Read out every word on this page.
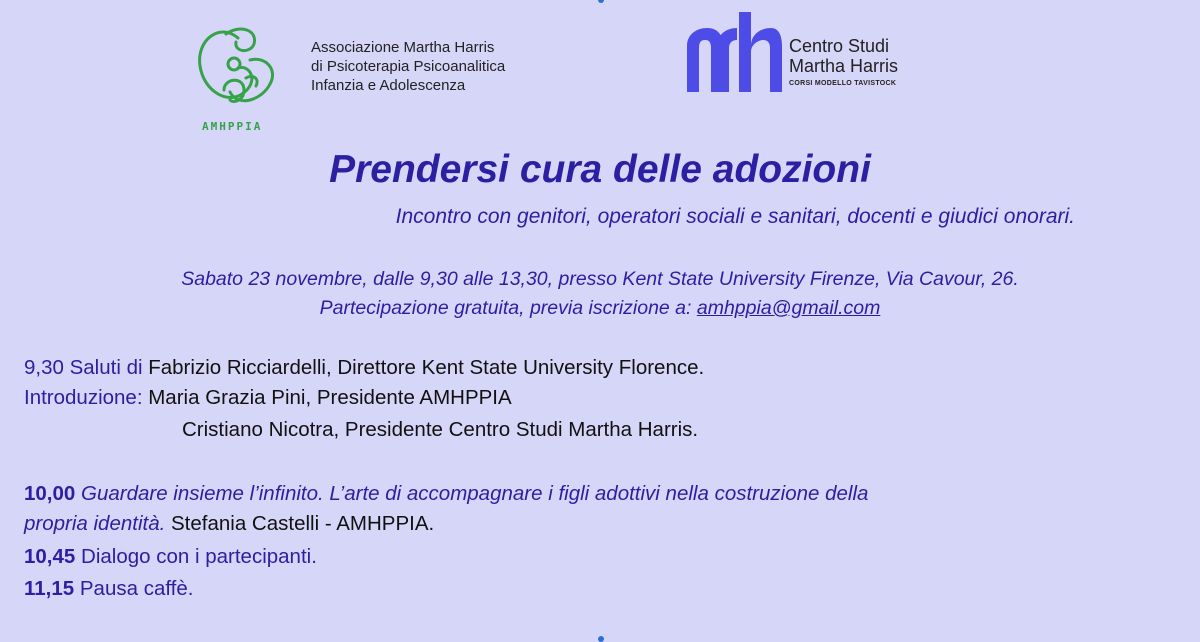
AMHPPIA
Associazione Martha Harris
di Psicoterapia Psicoanalitica
Infanzia e Adolescenza
Centro Studi
Martha Harris
CORSI MODELLO TAVISTOCK
Prendersi cura delle adozioni
Incontro con genitori, operatori sociali e sanitari, docenti e giudici onorari.
Sabato 23 novembre, dalle 9,30 alle 13,30, presso Kent State University Firenze, Via Cavour, 26.
Partecipazione gratuita, previa iscrizione a: amhppia@gmail.com
9,30 Saluti di Fabrizio Ricciardelli, Direttore Kent State University Florence.
Introduzione: Maria Grazia Pini, Presidente AMHPPIA
Cristiano Nicotra, Presidente Centro Studi Martha Harris.
10,00 Guardare insieme l’infinito. L’arte di accompagnare i figli adottivi nella costruzione della
propria identità. Stefania Castelli - AMHPPIA.
10,45 Dialogo con i partecipanti.
11,15 Pausa caffè.
